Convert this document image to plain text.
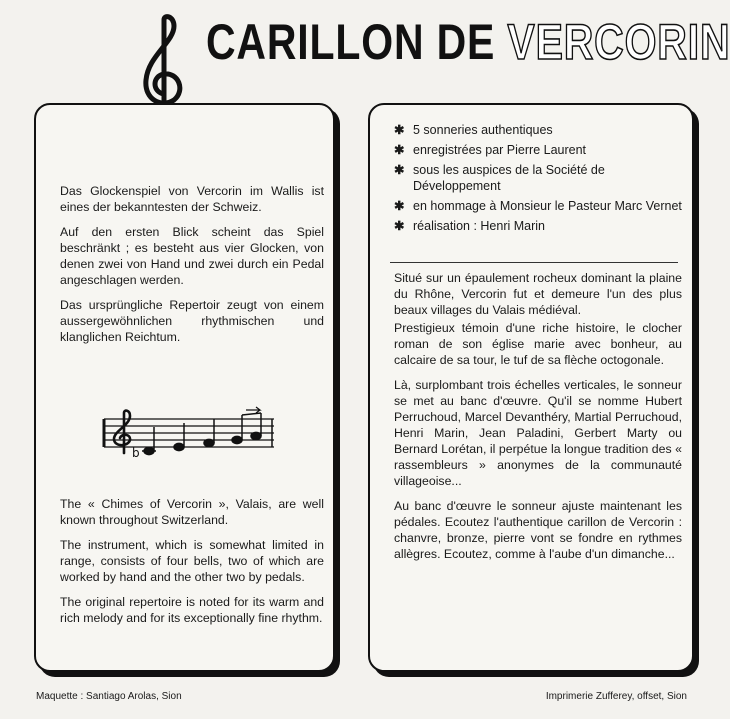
CARILLON DE VERCORIN

Das Glockenspiel von Vercorin im Wallis ist eines der bekanntesten der Schweiz.

Auf den ersten Blick scheint das Spiel beschränkt ; es besteht aus vier Glocken, von denen zwei von Hand und zwei durch ein Pedal angeschlagen werden.

Das ursprüngliche Repertoir zeugt von einem aussergewöhnlichen rhythmischen und klanglichen Reichtum.

b

The « Chimes of Vercorin », Valais, are well known throughout Switzerland.

The instrument, which is somewhat limited in range, consists of four bells, two of which are worked by hand and the other two by pedals.

The original repertoire is noted for its warm and rich melody and for its exceptionally fine rhythm.

✱ 5 sonneries authentiques
✱ enregistrées par Pierre Laurent
✱ sous les auspices de la Société de Développement
✱ en hommage à Monsieur le Pasteur Marc Vernet
✱ réalisation : Henri Marin

Situé sur un épaulement rocheux dominant la plaine du Rhône, Vercorin fut et demeure l'un des plus beaux villages du Valais médiéval.

Prestigieux témoin d'une riche histoire, le clocher roman de son église marie avec bonheur, au calcaire de sa tour, le tuf de sa flèche octogonale.

Là, surplombant trois échelles verticales, le sonneur se met au banc d'œuvre. Qu'il se nomme Hubert Perruchoud, Marcel Devanthéry, Martial Perruchoud, Henri Marin, Jean Paladini, Gerbert Marty ou Bernard Lorétan, il perpétue la longue tradition des « rassembleurs » anonymes de la communauté villageoise...

Au banc d'œuvre le sonneur ajuste maintenant les pédales. Ecoutez l'authentique carillon de Vercorin : chanvre, bronze, pierre vont se fondre en rythmes allègres. Ecoutez, comme à l'aube d'un dimanche...

Maquette : Santiago Arolas, Sion	Imprimerie Zufferey, offset, Sion
